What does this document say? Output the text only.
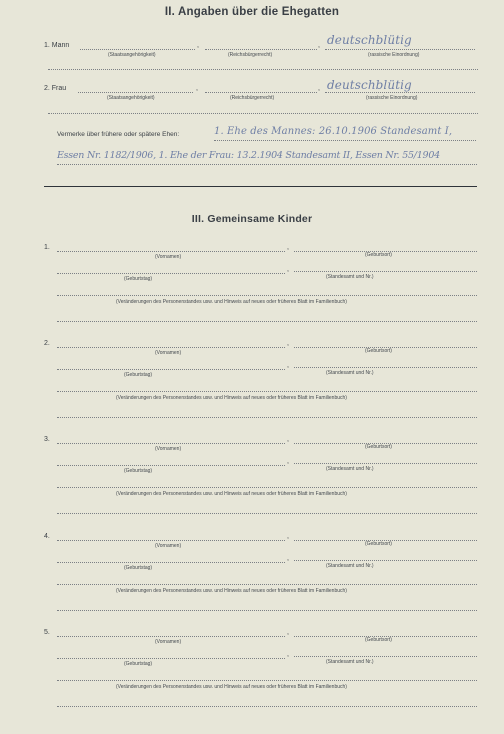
II. Angaben über die Ehegatten
1. Mann	,	, deutschblütig
(Staatsangehörigkeit)	(Reichsbürgerrecht)	(rassische Einordnung)
2. Frau	,	, deutschblütig
(Staatsangehörigkeit)	(Reichsbürgerrecht)	(rassische Einordnung)
Vermerke über frühere oder spätere Ehen:	1. Ehe des Mannes: 26.10.1906 Standesamt I,
Essen Nr. 1182/1906, 1. Ehe der Frau: 13.2.1904 Standesamt II, Essen Nr. 55/1904
III. Gemeinsame Kinder
1.	,
(Vornamen)	(Geburtsort)
,
(Geburtstag)	(Standesamt und Nr.)
(Veränderungen des Personenstandes usw. und Hinweis auf neues oder früheres Blatt im Familienbuch)
2.	,
(Vornamen)	(Geburtsort)
,
(Geburtstag)	(Standesamt und Nr.)
(Veränderungen des Personenstandes usw. und Hinweis auf neues oder früheres Blatt im Familienbuch)
3.	,
(Vornamen)	(Geburtsort)
,
(Geburtstag)	(Standesamt und Nr.)
(Veränderungen des Personenstandes usw. und Hinweis auf neues oder früheres Blatt im Familienbuch)
4.	,
(Vornamen)	(Geburtsort)
,
(Geburtstag)	(Standesamt und Nr.)
(Veränderungen des Personenstandes usw. und Hinweis auf neues oder früheres Blatt im Familienbuch)
5.	,
(Vornamen)	(Geburtsort)
,
(Geburtstag)	(Standesamt und Nr.)
(Veränderungen des Personenstandes usw. und Hinweis auf neues oder früheres Blatt im Familienbuch)
